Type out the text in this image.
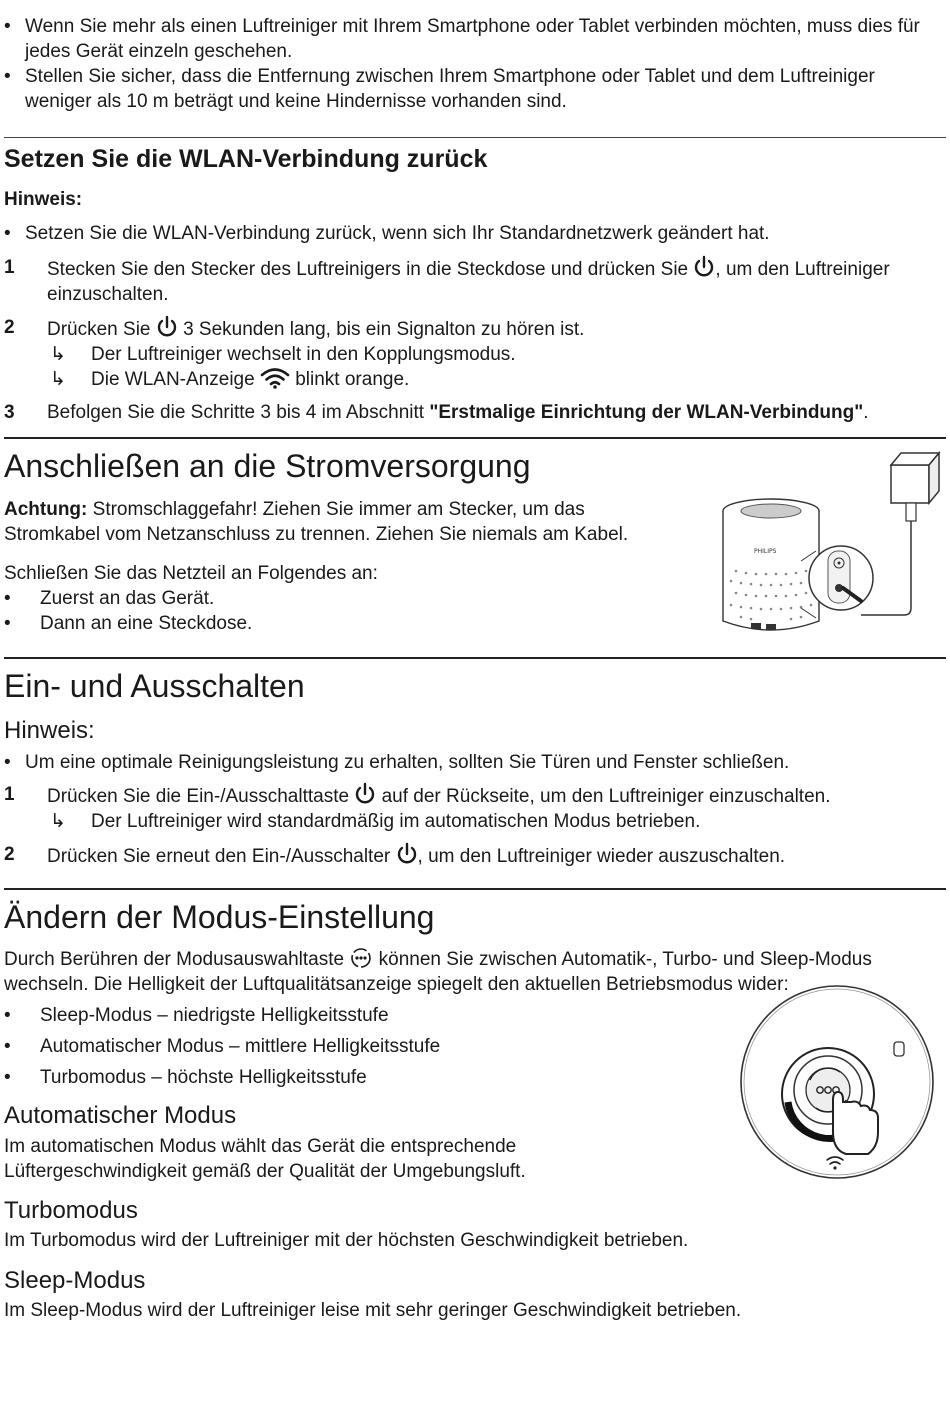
• Wenn Sie mehr als einen Luftreiniger mit Ihrem Smartphone oder Tablet verbinden möchten, muss dies für jedes Gerät einzeln geschehen.

• Stellen Sie sicher, dass die Entfernung zwischen Ihrem Smartphone oder Tablet und dem Luftreiniger weniger als 10 m beträgt und keine Hindernisse vorhanden sind.

Setzen Sie die WLAN-Verbindung zurück

Hinweis:

• Setzen Sie die WLAN-Verbindung zurück, wenn sich Ihr Standardnetzwerk geändert hat.

1 Stecken Sie den Stecker des Luftreinigers in die Steckdose und drücken Sie , um den Luftreiniger einzuschalten.
2 Drücken Sie 3 Sekunden lang, bis ein Signalton zu hören ist.
↳ Der Luftreiniger wechselt in den Kopplungsmodus.
↳ Die WLAN-Anzeige blinkt orange.
3 Befolgen Sie die Schritte 3 bis 4 im Abschnitt "Erstmalige Einrichtung der WLAN-Verbindung".
Anschließen an die Stromversorgung

Achtung: Stromschlaggefahr! Ziehen Sie immer am Stecker, um das Stromkabel vom Netzanschluss zu trennen. Ziehen Sie niemals am Kabel.

Schließen Sie das Netzteil an Folgendes an:

• Zuerst an das Gerät.

• Dann an eine Steckdose.

PHILIPS
Ein- und Ausschalten
Hinweis:

• Um eine optimale Reinigungsleistung zu erhalten, sollten Sie Türen und Fenster schließen.

1 Drücken Sie die Ein-/Ausschalttaste auf der Rückseite, um den Luftreiniger einzuschalten.
↳ Der Luftreiniger wird standardmäßig im automatischen Modus betrieben.
2 Drücken Sie erneut den Ein-/Ausschalter , um den Luftreiniger wieder auszuschalten.
Ändern der Modus-Einstellung

Durch Berühren der Modusauswahltaste  können Sie zwischen Automatik-, Turbo- und Sleep-Modus wechseln. Die Helligkeit der Luftqualitätsanzeige spiegelt den aktuellen Betriebsmodus wider:

• Sleep-Modus – niedrigste Helligkeitsstufe

• Automatischer Modus – mittlere Helligkeitsstufe

• Turbomodus – höchste Helligkeitsstufe

Automatischer Modus

Im automatischen Modus wählt das Gerät die entsprechende Lüftergeschwindigkeit gemäß der Qualität der Umgebungsluft.

Turbomodus

Im Turbomodus wird der Luftreiniger mit der höchsten Geschwindigkeit betrieben.

Sleep-Modus

Im Sleep-Modus wird der Luftreiniger leise mit sehr geringer Geschwindigkeit betrieben.
